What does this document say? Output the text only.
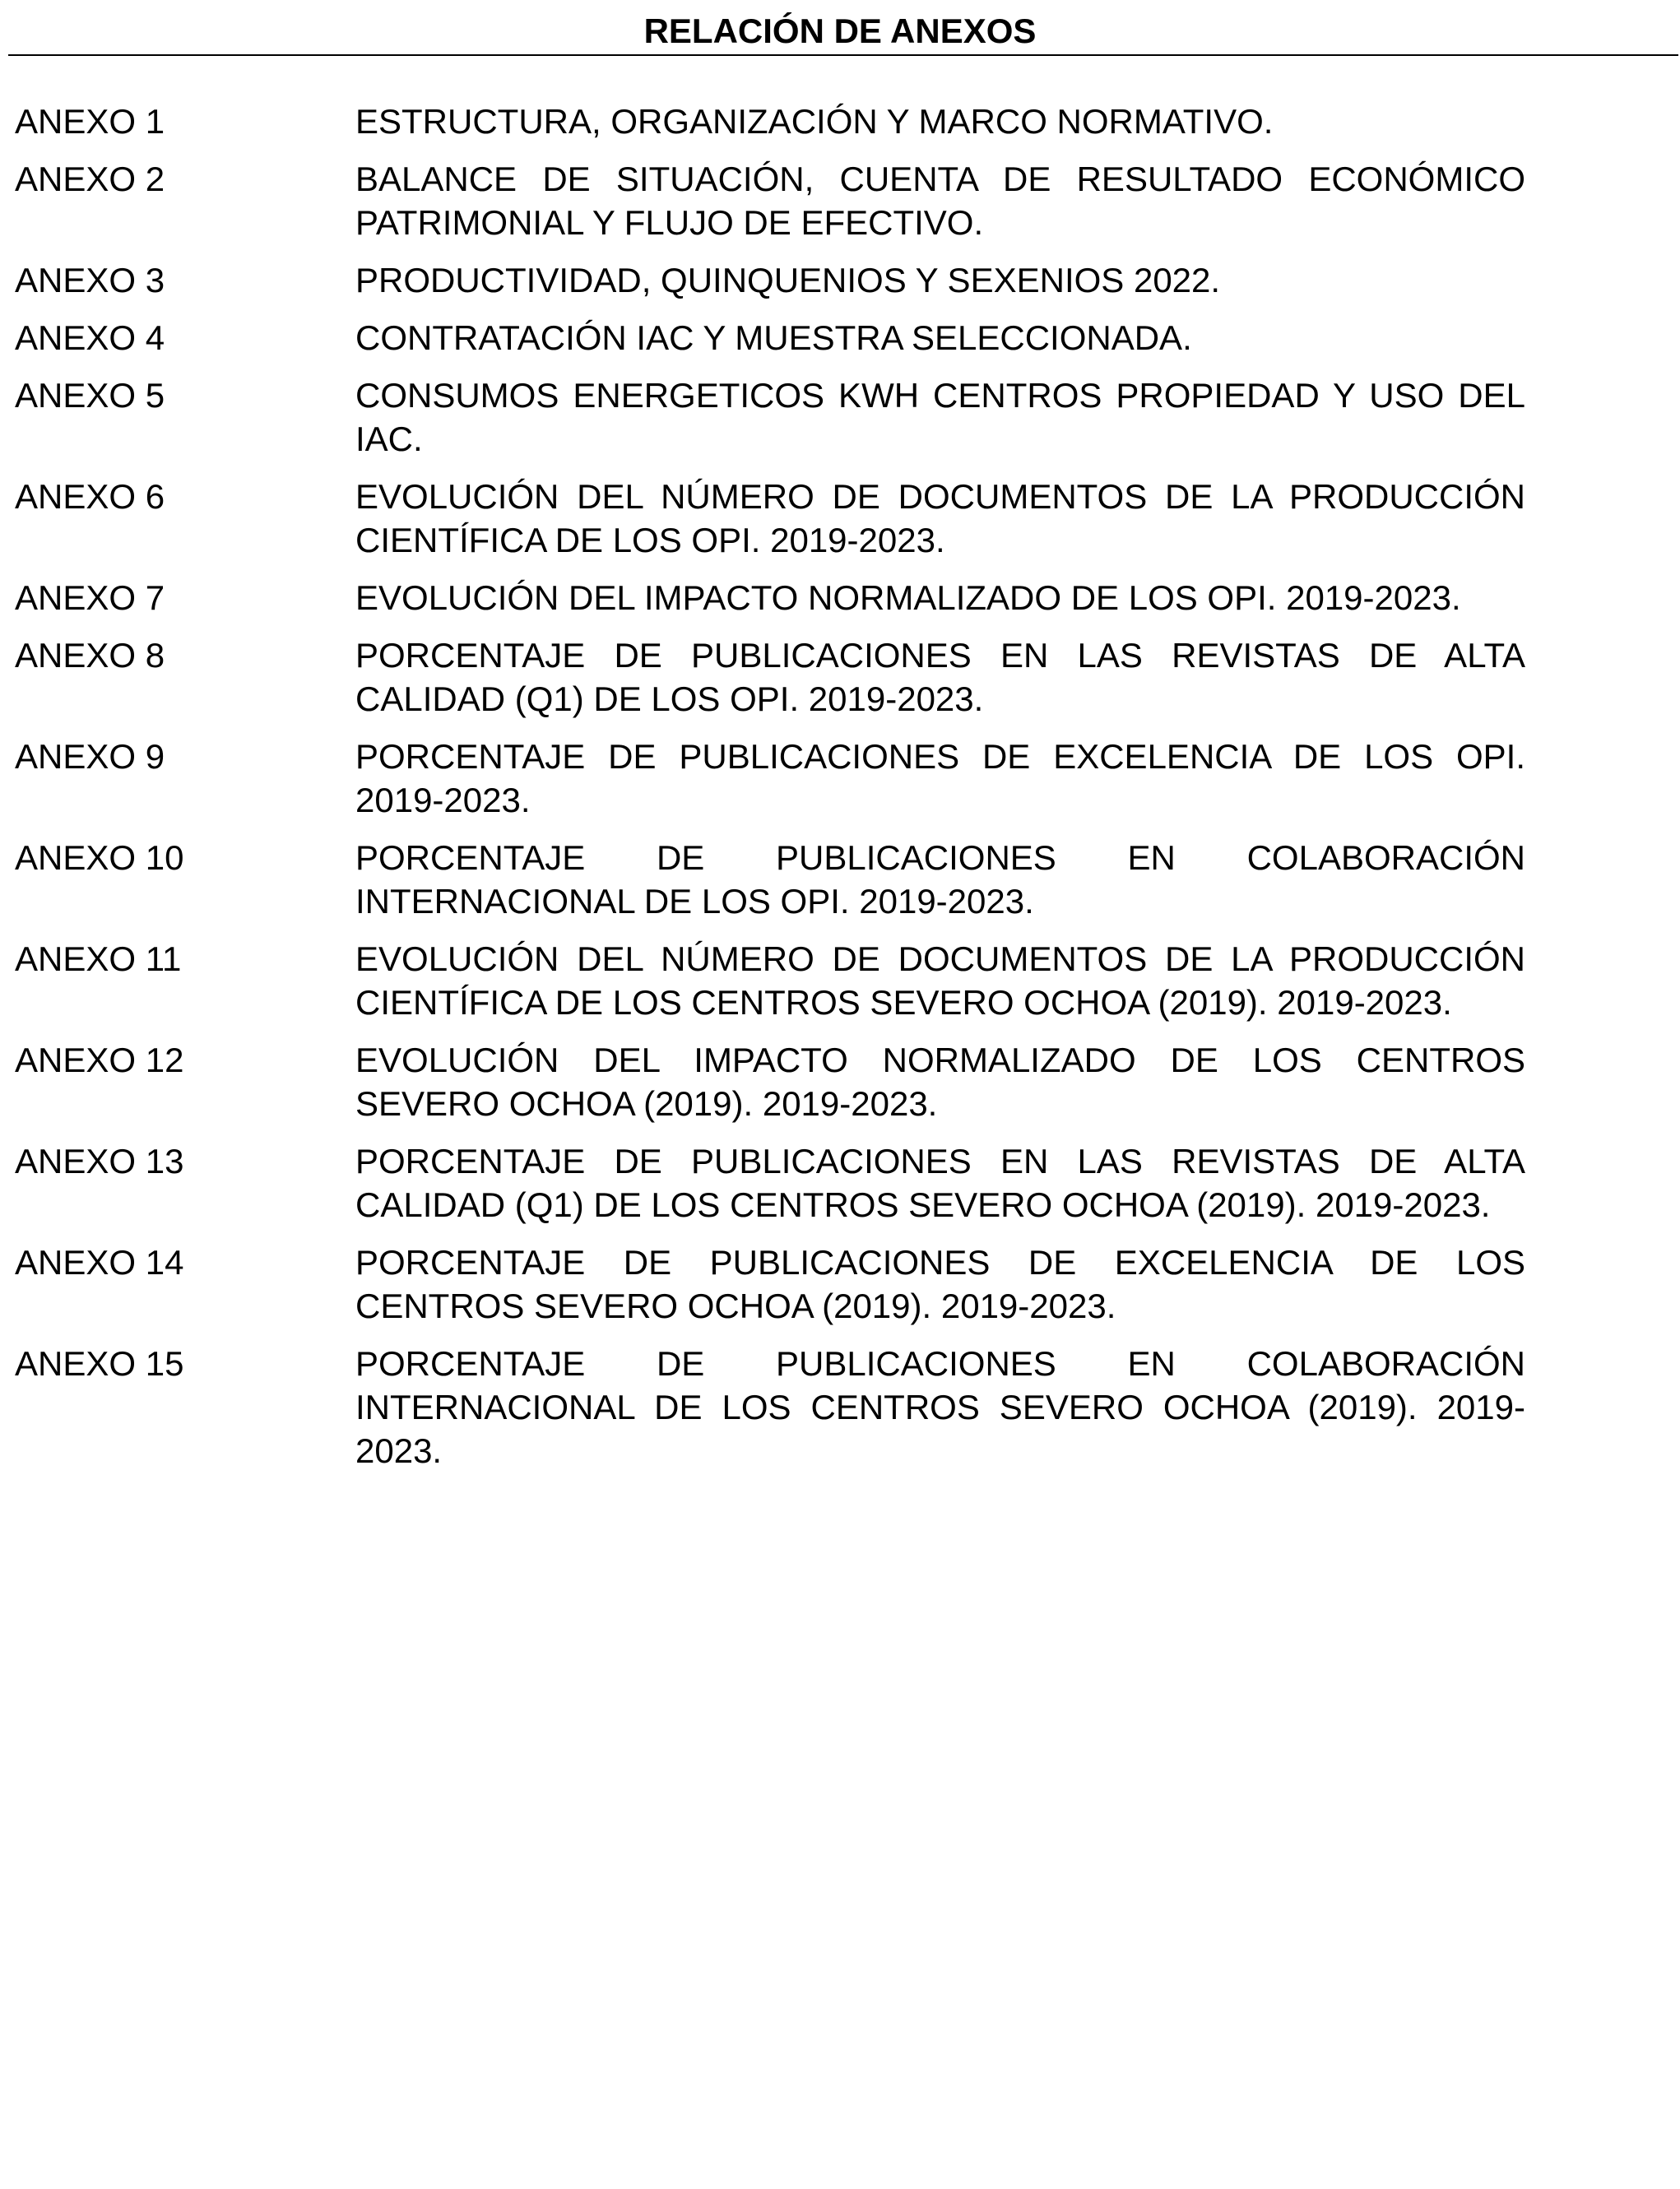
RELACIÓN DE ANEXOS
ANEXO 1	ESTRUCTURA, ORGANIZACIÓN Y MARCO NORMATIVO.
ANEXO 2	BALANCE DE SITUACIÓN, CUENTA DE RESULTADO ECONÓMICO PATRIMONIAL Y FLUJO DE EFECTIVO.
ANEXO 3	PRODUCTIVIDAD, QUINQUENIOS Y SEXENIOS 2022.
ANEXO 4	CONTRATACIÓN IAC Y MUESTRA SELECCIONADA.
ANEXO 5	CONSUMOS ENERGETICOS KWH CENTROS PROPIEDAD Y USO DEL IAC.
ANEXO 6	EVOLUCIÓN DEL NÚMERO DE DOCUMENTOS DE LA PRODUCCIÓN CIENTÍFICA DE LOS OPI. 2019-2023.
ANEXO 7	EVOLUCIÓN DEL IMPACTO NORMALIZADO DE LOS OPI. 2019-2023.
ANEXO 8	PORCENTAJE DE PUBLICACIONES EN LAS REVISTAS DE ALTA CALIDAD (Q1) DE LOS OPI. 2019-2023.
ANEXO 9	PORCENTAJE DE PUBLICACIONES DE EXCELENCIA DE LOS OPI. 2019-2023.
ANEXO 10	PORCENTAJE DE PUBLICACIONES EN COLABORACIÓN INTERNACIONAL DE LOS OPI. 2019-2023.
ANEXO 11	EVOLUCIÓN DEL NÚMERO DE DOCUMENTOS DE LA PRODUCCIÓN CIENTÍFICA DE LOS CENTROS SEVERO OCHOA (2019). 2019-2023.
ANEXO 12	EVOLUCIÓN DEL IMPACTO NORMALIZADO DE LOS CENTROS SEVERO OCHOA (2019). 2019-2023.
ANEXO 13	PORCENTAJE DE PUBLICACIONES EN LAS REVISTAS DE ALTA CALIDAD (Q1) DE LOS CENTROS SEVERO OCHOA (2019). 2019-2023.
ANEXO 14	PORCENTAJE DE PUBLICACIONES DE EXCELENCIA DE LOS CENTROS SEVERO OCHOA (2019). 2019-2023.
ANEXO 15	PORCENTAJE DE PUBLICACIONES EN COLABORACIÓN INTERNACIONAL DE LOS CENTROS SEVERO OCHOA (2019). 2019-2023.
